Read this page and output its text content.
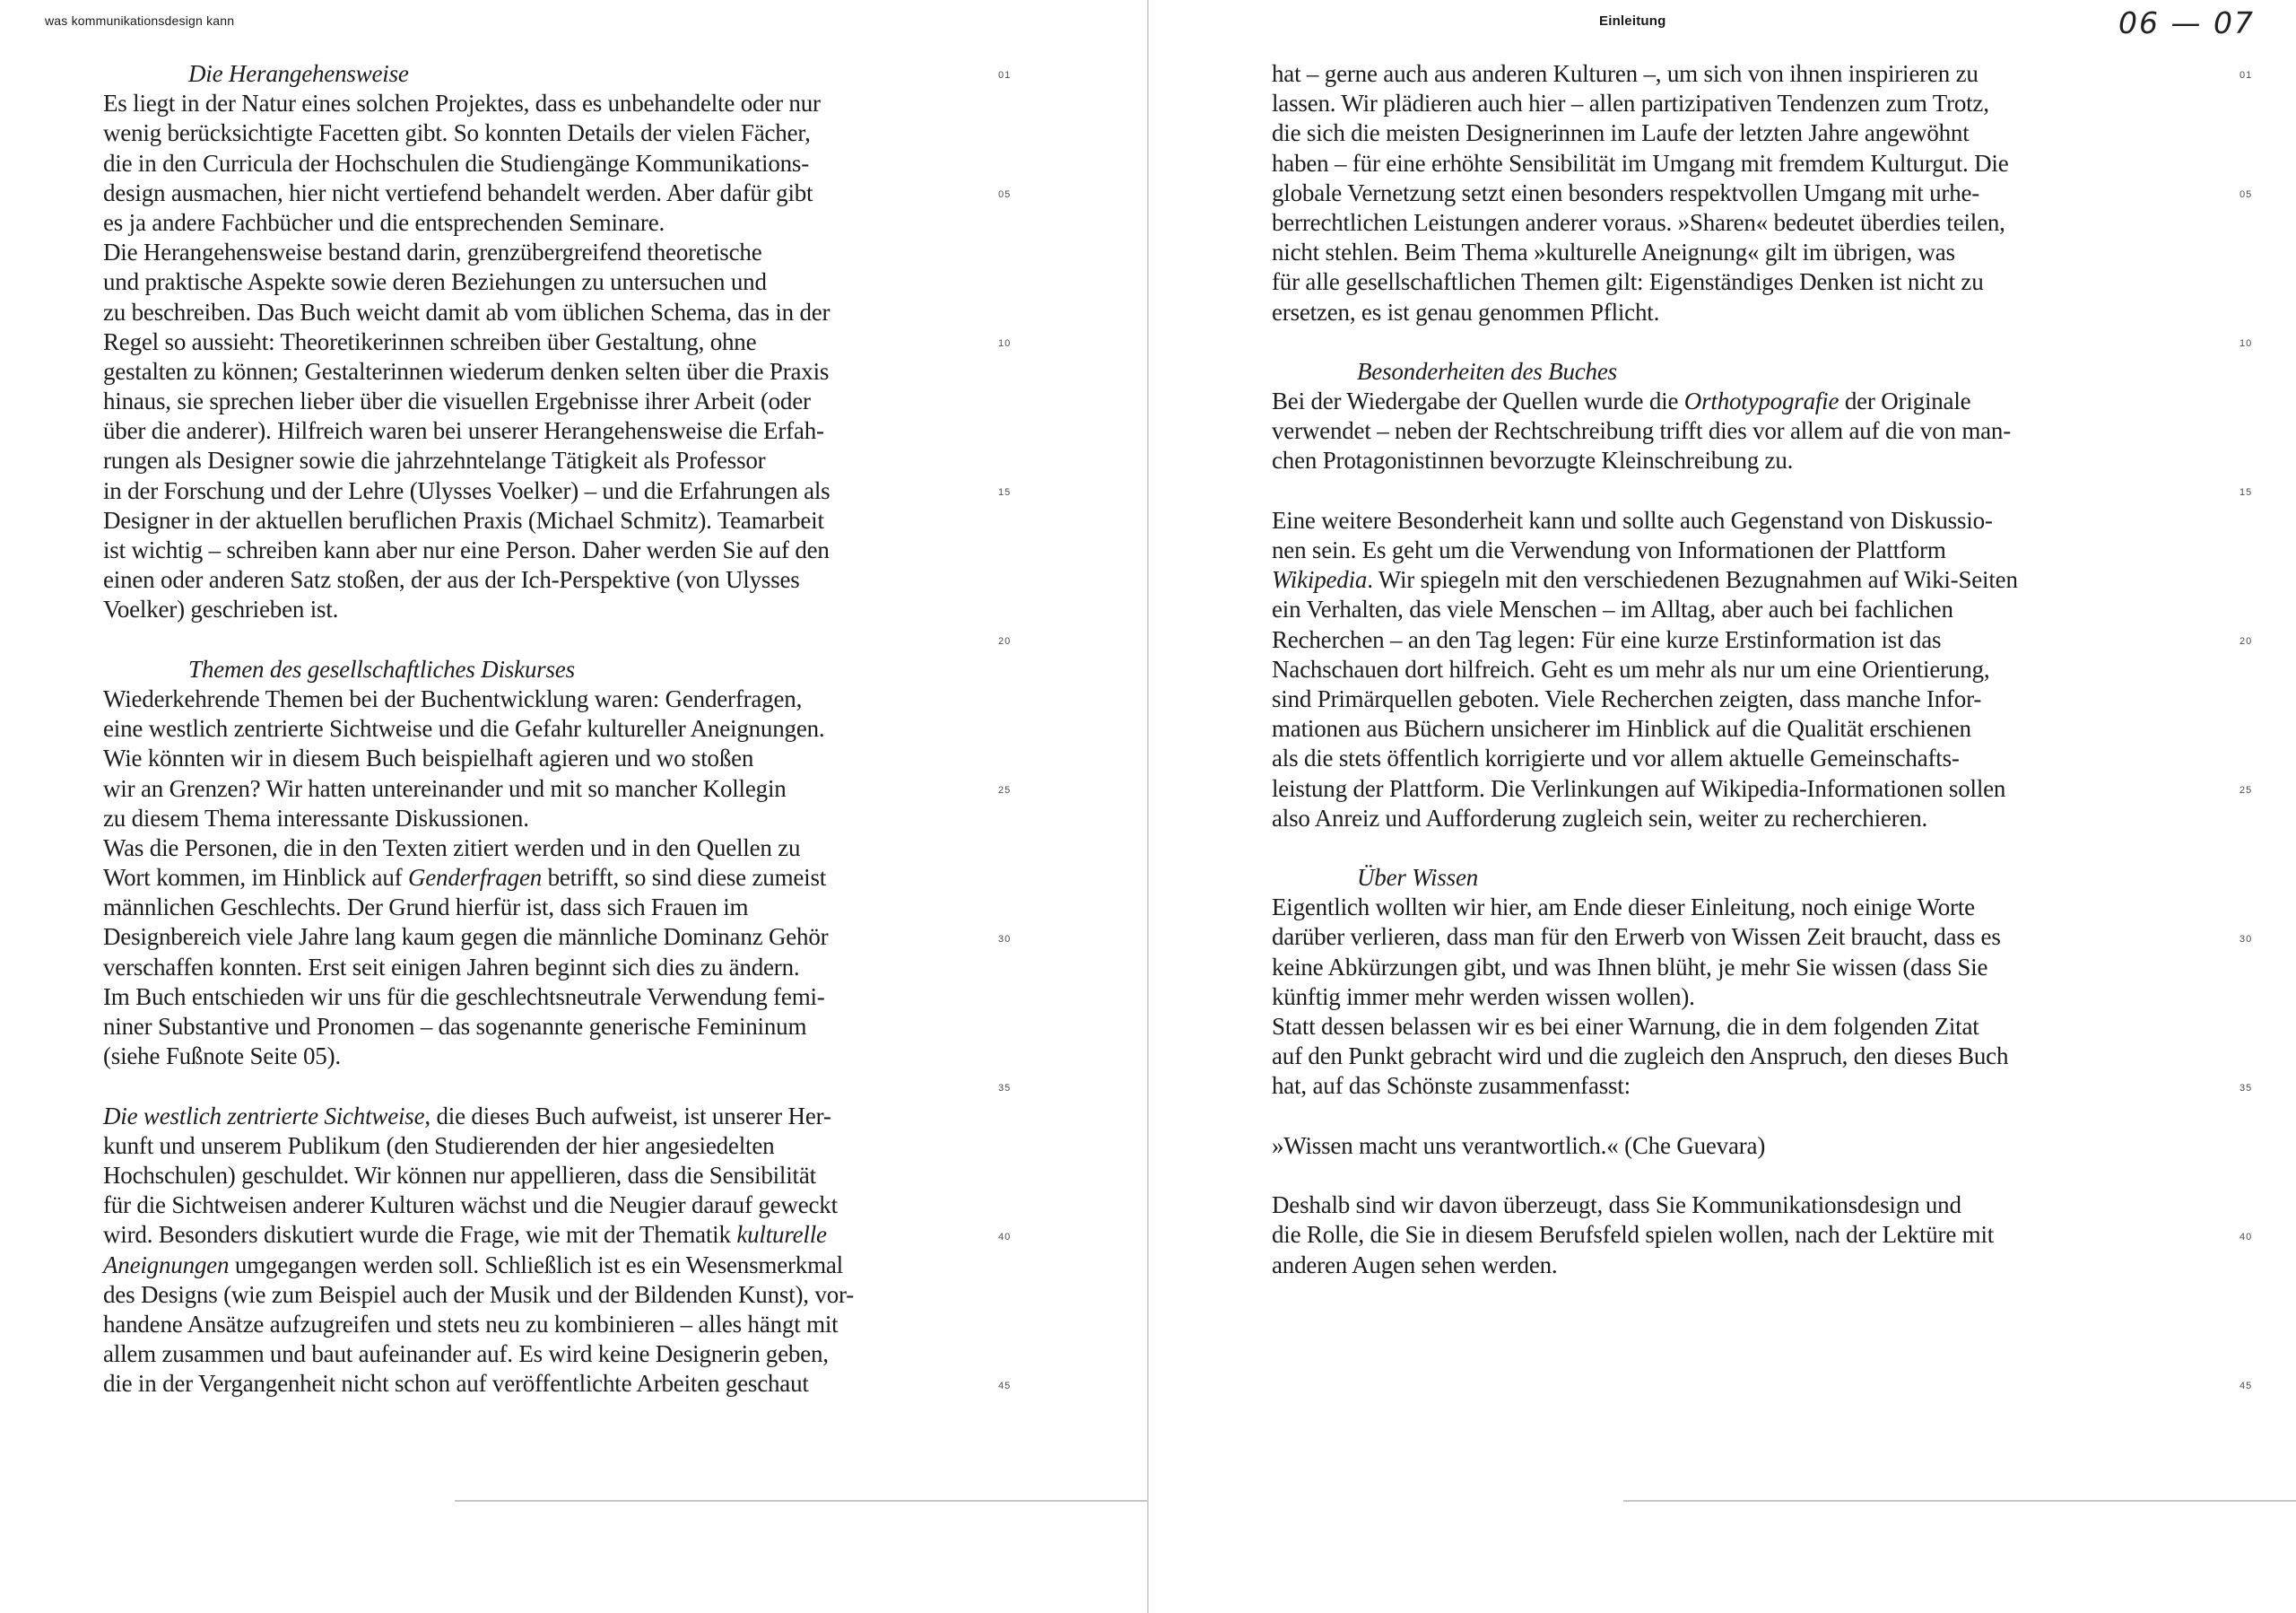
was kommunikationsdesign kann
Die Herangehensweise
Es liegt in der Natur eines solchen Projektes, dass es unbehandelte oder nur
wenig berücksichtigte Facetten gibt. So konnten Details der vielen Fächer,
die in den Curricula der Hochschulen die Studiengänge Kommunikations-
design ausmachen, hier nicht vertiefend behandelt werden. Aber dafür gibt
es ja andere Fachbücher und die entsprechenden Seminare.
Die Herangehensweise bestand darin, grenzübergreifend theoretische
und praktische Aspekte sowie deren Beziehungen zu untersuchen und
zu beschreiben. Das Buch weicht damit ab vom üblichen Schema, das in der
Regel so aussieht: Theoretikerinnen schreiben über Gestaltung, ohne
gestalten zu können; Gestalterinnen wiederum denken selten über die Praxis
hinaus, sie sprechen lieber über die visuellen Ergebnisse ihrer Arbeit (oder
über die anderer). Hilfreich waren bei unserer Herangehensweise die Erfah-
rungen als Designer sowie die jahrzehntelange Tätigkeit als Professor
in der Forschung und der Lehre (Ulysses Voelker) – und die Erfahrungen als
Designer in der aktuellen beruflichen Praxis (Michael Schmitz). Teamarbeit
ist wichtig – schreiben kann aber nur eine Person. Daher werden Sie auf den
einen oder anderen Satz stoßen, der aus der Ich-Perspektive (von Ulysses
Voelker) geschrieben ist.
Themen des gesellschaftliches Diskurses
Wiederkehrende Themen bei der Buchentwicklung waren: Genderfragen,
eine westlich zentrierte Sichtweise und die Gefahr kultureller Aneignungen.
Wie könnten wir in diesem Buch beispielhaft agieren und wo stoßen
wir an Grenzen? Wir hatten untereinander und mit so mancher Kollegin
zu diesem Thema interessante Diskussionen.
Was die Personen, die in den Texten zitiert werden und in den Quellen zu
Wort kommen, im Hinblick auf Genderfragen betrifft, so sind diese zumeist
männlichen Geschlechts. Der Grund hierfür ist, dass sich Frauen im
Designbereich viele Jahre lang kaum gegen die männliche Dominanz Gehör
verschaffen konnten. Erst seit einigen Jahren beginnt sich dies zu ändern.
Im Buch entschieden wir uns für die geschlechtsneutrale Verwendung femi-
niner Substantive und Pronomen – das sogenannte generische Femininum
(siehe Fußnote Seite 05).
Die westlich zentrierte Sichtweise, die dieses Buch aufweist, ist unserer Her-
kunft und unserem Publikum (den Studierenden der hier angesiedelten
Hochschulen) geschuldet. Wir können nur appellieren, dass die Sensibilität
für die Sichtweisen anderer Kulturen wächst und die Neugier darauf geweckt
wird. Besonders diskutiert wurde die Frage, wie mit der Thematik kulturelle
Aneignungen umgegangen werden soll. Schließlich ist es ein Wesensmerkmal
des Designs (wie zum Beispiel auch der Musik und der Bildenden Kunst), vor-
handene Ansätze aufzugreifen und stets neu zu kombinieren – alles hängt mit
allem zusammen und baut aufeinander auf. Es wird keine Designerin geben,
die in der Vergangenheit nicht schon auf veröffentlichte Arbeiten geschaut
01
05
10
15
20
25
30
35
40
45
Einleitung	06 — 07
hat – gerne auch aus anderen Kulturen –, um sich von ihnen inspirieren zu
lassen. Wir plädieren auch hier – allen partizipativen Tendenzen zum Trotz,
die sich die meisten Designerinnen im Laufe der letzten Jahre angewöhnt
haben – für eine erhöhte Sensibilität im Umgang mit fremdem Kulturgut. Die
globale Vernetzung setzt einen besonders respektvollen Umgang mit urhe-
berrechtlichen Leistungen anderer voraus. »Sharen« bedeutet überdies teilen,
nicht stehlen. Beim Thema »kulturelle Aneignung« gilt im übrigen, was
für alle gesellschaftlichen Themen gilt: Eigenständiges Denken ist nicht zu
ersetzen, es ist genau genommen Pflicht.
Besonderheiten des Buches
Bei der Wiedergabe der Quellen wurde die Orthotypografie der Originale
verwendet – neben der Rechtschreibung trifft dies vor allem auf die von man-
chen Protagonistinnen bevorzugte Kleinschreibung zu.
Eine weitere Besonderheit kann und sollte auch Gegenstand von Diskussio-
nen sein. Es geht um die Verwendung von Informationen der Plattform
Wikipedia. Wir spiegeln mit den verschiedenen Bezugnahmen auf Wiki-Seiten
ein Verhalten, das viele Menschen – im Alltag, aber auch bei fachlichen
Recherchen – an den Tag legen: Für eine kurze Erstinformation ist das
Nachschauen dort hilfreich. Geht es um mehr als nur um eine Orientierung,
sind Primärquellen geboten. Viele Recherchen zeigten, dass manche Infor-
mationen aus Büchern unsicherer im Hinblick auf die Qualität erschienen
als die stets öffentlich korrigierte und vor allem aktuelle Gemeinschafts-
leistung der Plattform. Die Verlinkungen auf Wikipedia-Informationen sollen
also Anreiz und Aufforderung zugleich sein, weiter zu recherchieren.
Über Wissen
Eigentlich wollten wir hier, am Ende dieser Einleitung, noch einige Worte
darüber verlieren, dass man für den Erwerb von Wissen Zeit braucht, dass es
keine Abkürzungen gibt, und was Ihnen blüht, je mehr Sie wissen (dass Sie
künftig immer mehr werden wissen wollen).
Statt dessen belassen wir es bei einer Warnung, die in dem folgenden Zitat
auf den Punkt gebracht wird und die zugleich den Anspruch, den dieses Buch
hat, auf das Schönste zusammenfasst:
»Wissen macht uns verantwortlich.« (Che Guevara)
Deshalb sind wir davon überzeugt, dass Sie Kommunikationsdesign und
die Rolle, die Sie in diesem Berufsfeld spielen wollen, nach der Lektüre mit
anderen Augen sehen werden.
01
05
10
15
20
25
30
35
40
45
